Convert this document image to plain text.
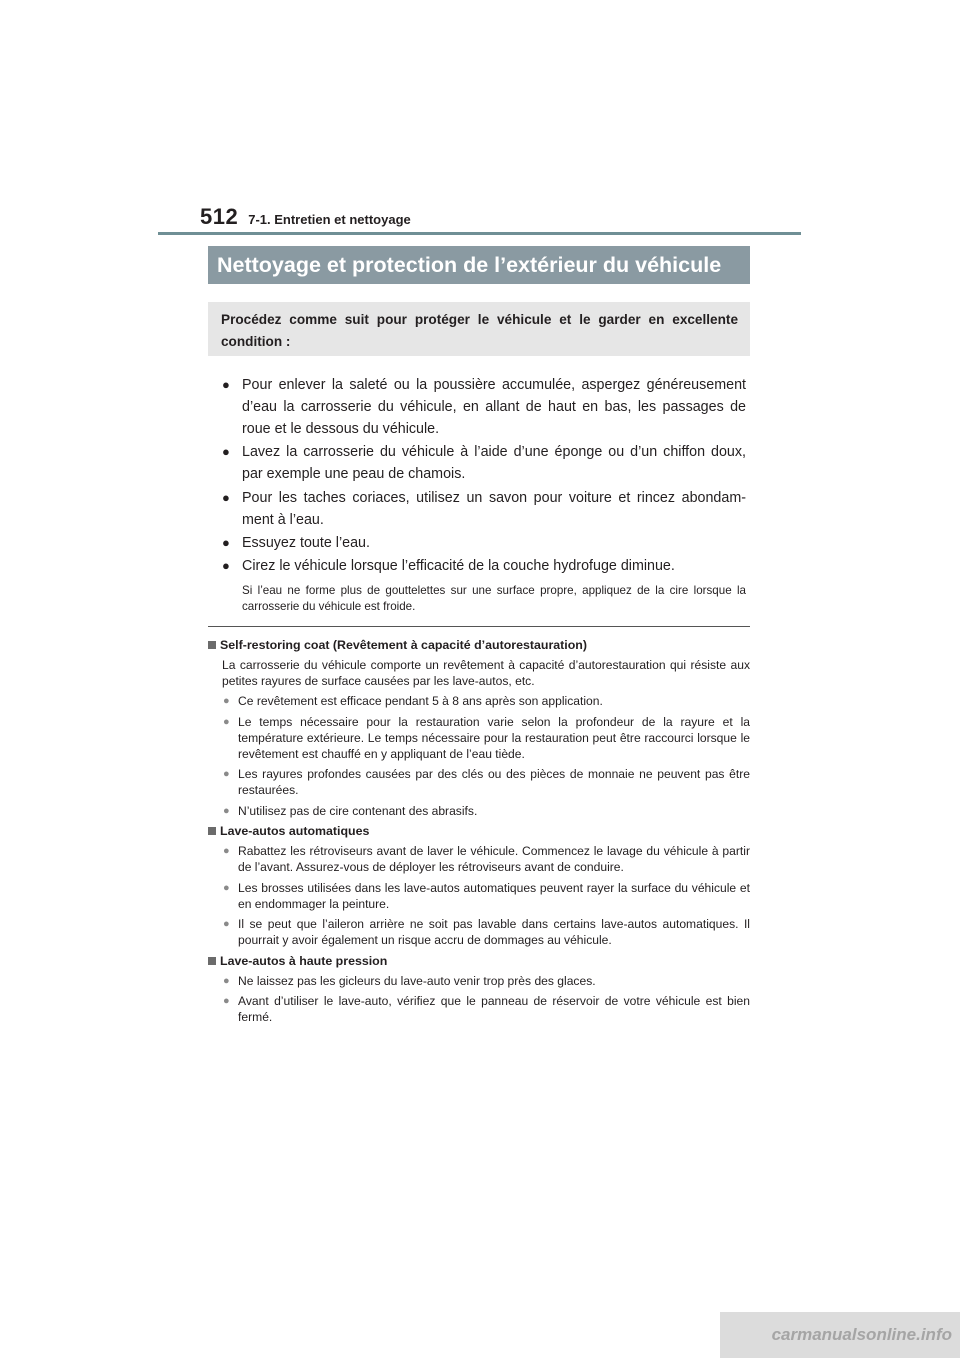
512 7-1. Entretien et nettoyage
Nettoyage et protection de l’extérieur du véhicule
Procédez comme suit pour protéger le véhicule et le garder en excellente condition :
● Pour enlever la saleté ou la poussière accumulée, aspergez généreusement d’eau la carrosserie du véhicule, en allant de haut en bas, les passages de roue et le dessous du véhicule.
● Lavez la carrosserie du véhicule à l’aide d’une éponge ou d’un chiffon doux, par exemple une peau de chamois.
● Pour les taches coriaces, utilisez un savon pour voiture et rincez abondam-ment à l’eau.
● Essuyez toute l’eau.
● Cirez le véhicule lorsque l’efficacité de la couche hydrofuge diminue.
Si l’eau ne forme plus de gouttelettes sur une surface propre, appliquez de la cire lorsque la carrosserie du véhicule est froide.
Self-restoring coat (Revêtement à capacité d’autorestauration)
La carrosserie du véhicule comporte un revêtement à capacité d’autorestauration qui résiste aux petites rayures de surface causées par les lave-autos, etc.
● Ce revêtement est efficace pendant 5 à 8 ans après son application.
● Le temps nécessaire pour la restauration varie selon la profondeur de la rayure et la température extérieure. Le temps nécessaire pour la restauration peut être raccourci lorsque le revêtement est chauffé en y appliquant de l’eau tiède.
● Les rayures profondes causées par des clés ou des pièces de monnaie ne peuvent pas être restaurées.
● N’utilisez pas de cire contenant des abrasifs.
Lave-autos automatiques
● Rabattez les rétroviseurs avant de laver le véhicule. Commencez le lavage du véhicule à partir de l’avant. Assurez-vous de déployer les rétroviseurs avant de conduire.
● Les brosses utilisées dans les lave-autos automatiques peuvent rayer la surface du véhicule et en endommager la peinture.
● Il se peut que l’aileron arrière ne soit pas lavable dans certains lave-autos automatiques. Il pourrait y avoir également un risque accru de dommages au véhicule.
Lave-autos à haute pression
● Ne laissez pas les gicleurs du lave-auto venir trop près des glaces.
● Avant d’utiliser le lave-auto, vérifiez que le panneau de réservoir de votre véhicule est bien fermé.
carmanualsonline.info
